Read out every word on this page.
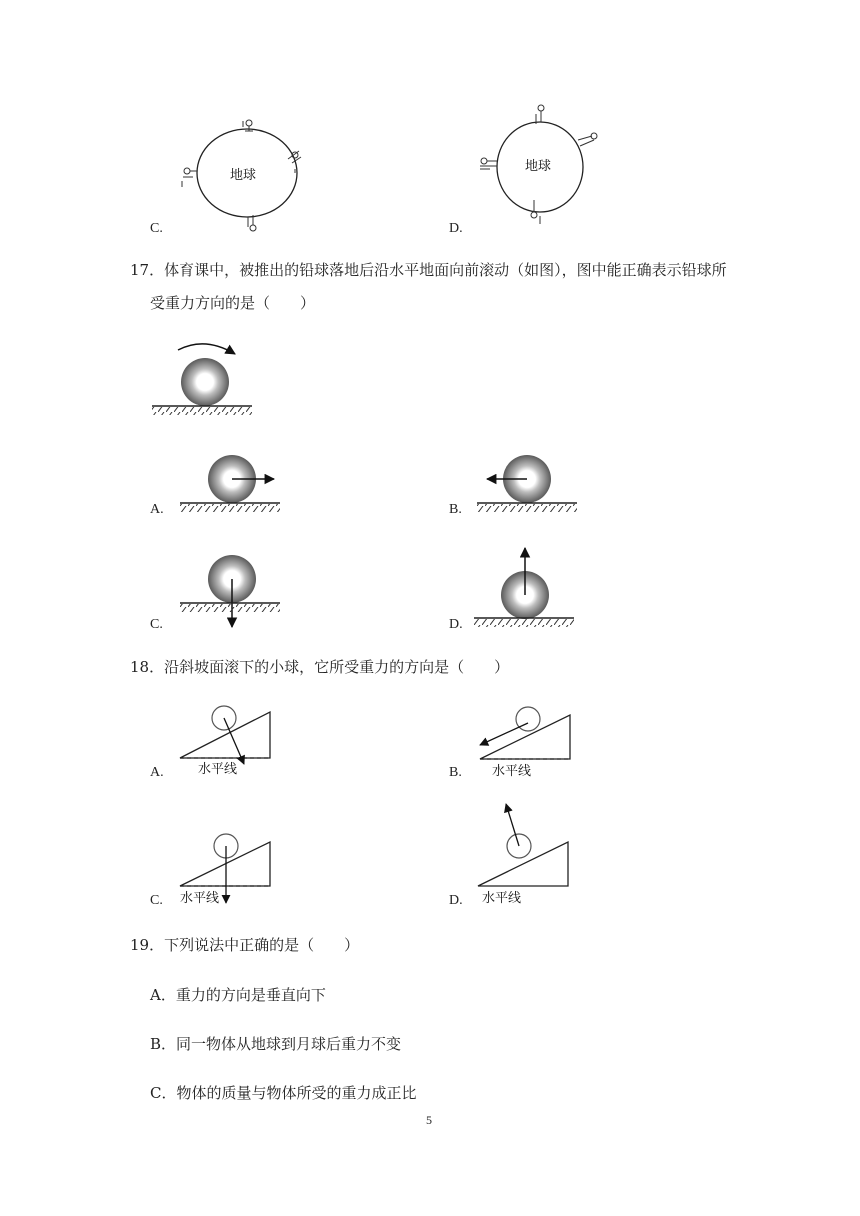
地球
C.
地球
D.
17．体育课中，被推出的铅球落地后沿水平地面向前滚动（如图），图中能正确表示铅球所
受重力方向的是（　　）
A.	B.
C.	D.
18．沿斜坡面滚下的小球，它所受重力的方向是（　　）
水平线
A.	水平线
B.
水平线
C.	水平线
D.
19．下列说法中正确的是（　　）
A．重力的方向是垂直向下
B．同一物体从地球到月球后重力不变
C．物体的质量与物体所受的重力成正比
5
